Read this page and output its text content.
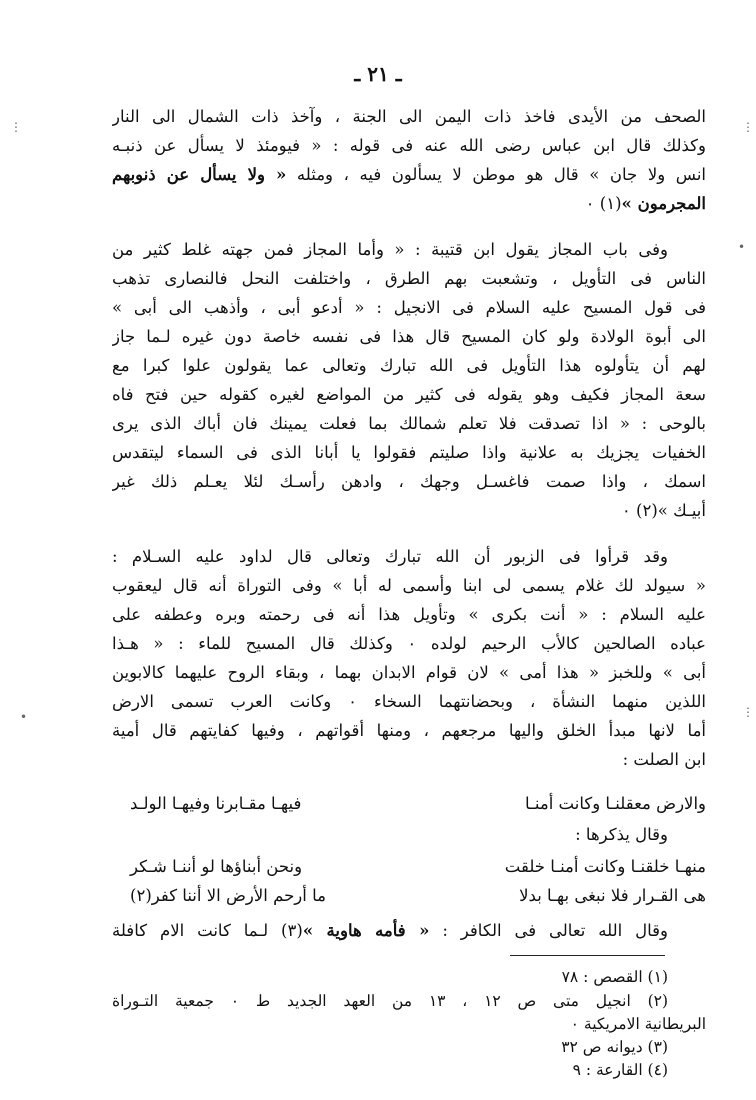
ـ ٢١ ـ
الصحف من الأيدى فاخذ ذات اليمن الى الجنة ، وآخذ ذات الشمال الى النار
وكذلك قال ابن عباس رضى الله عنه فى قوله : « فيومئذ لا يسأل عن ذنبـه
انس ولا جان » قال هو موطن لا يسألون فيه ، ومثله « ولا يسأل عن ذنوبهم
المجرمون »(١) ٠
وفى باب المجاز يقول ابن قتيبة : « وأما المجاز فمن جهته غلط كثير من
الناس فى التأويل ، وتشعبت بهم الطرق ، واختلفت النحل فالنصارى تذهب
فى قول المسيح عليه السلام فى الانجيل : « أدعو أبى ، وأذهب الى أبى »
الى أبوة الولادة ولو كان المسيح قال هذا فى نفسه خاصة دون غيره لـما جاز
لهم أن يتأولوه هذا التأويل فى الله تبارك وتعالى عما يقولون علوا كبرا مع
سعة المجاز فكيف وهو يقوله فى كثير من المواضع لغيره كقوله حين فتح فاه
بالوحى : « اذا تصدقت فلا تعلم شمالك بما فعلت يمينك فان أباك الذى يرى
الخفيات يجزيك به علانية واذا صليتم فقولوا يا أبانا الذى فى السماء ليتقدس
اسمك ، واذا صمت فاغسـل وجهك ، وادهن رأسـك لئلا يعـلم ذلك غير
أبيـك »(٢) ٠
وقد قرأوا فى الزبور أن الله تبارك وتعالى قال لداود عليه السـلام :
« سيولد لك غلام يسمى لى ابنا وأسمى له أبا » وفى التوراة أنه قال ليعقوب
عليه السلام : « أنت بكرى » وتأويل هذا أنه فى رحمته وبره وعطفه على
عباده الصالحين كالأب الرحيم لولده ٠ وكذلك قال المسيح للماء : « هـذا
أبى » وللخبز « هذا أمى » لان قوام الابدان بهما ، وبقاء الروح عليهما كالابوين
اللذين منهما النشأة ، وبحضانتهما السخاء ٠ وكانت العرب تسمى الارض
أما لانها مبدأ الخلق واليها مرجعهم ، ومنها أقواتهم ، وفيها كفايتهم قال أمية
ابن الصلت :
والارض معقلنـا وكانت أمنـا
فيهـا مقـابرنا وفيهـا الولـد
وقال يذكرها :
منهـا خلقنـا وكانت أمنـا خلقت
ونحن أبناؤها لو أننـا شـكر
هى القـرار فلا نبغى بهـا بدلا
ما أرحم الأرض الا أننا كفر(٢)
وقال الله تعالى فى الكافر : « فأمه هاوية »(٣) لـما كانت الام كافلة
(١) القصص : ٧٨
(٢) انجيل متى ص ١٢ ، ١٣ من العهد الجديد ط ٠ جمعية التـوراة
البريطانية الامريكية ٠
(٣) ديوانه ص ٣٢
(٤) القارعة : ٩
⋮
•
•
⋮
⋮
